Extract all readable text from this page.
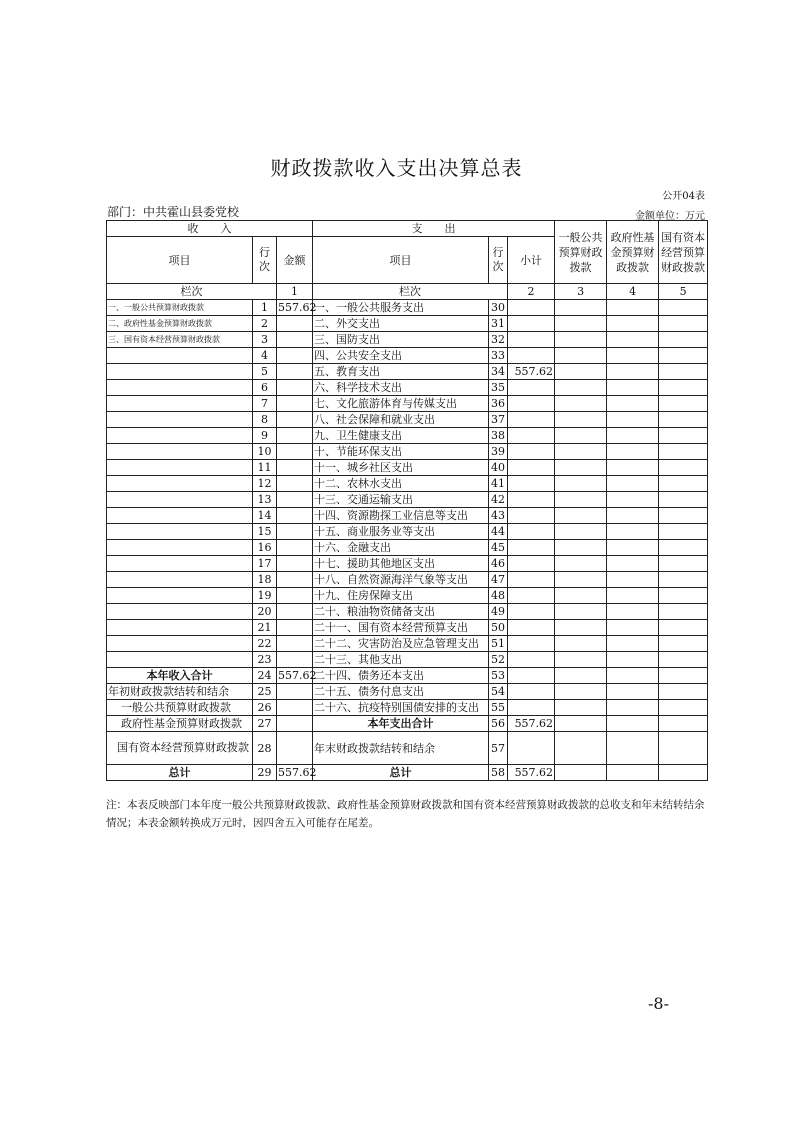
财政拨款收入支出决算总表
公开04表
部门：中共霍山县委党校	金额单位：万元
收　　入			支　　出			一般公共预算财政拨款	政府性基金预算财政拨款	国有资本经营预算财政拨款
项目	行次	金额	项目	行次	小计			
栏次		1	栏次		2	3	4	5
一、一般公共预算财政拨款	1	557.62	一、一般公共服务支出	30				
二、政府性基金预算财政拨款	2		二、外交支出	31				
三、国有资本经营预算财政拨款	3		三、国防支出	32				
	4		四、公共安全支出	33				
	5		五、教育支出	34	557.62			
	6		六、科学技术支出	35				
	7		七、文化旅游体育与传媒支出	36				
	8		八、社会保障和就业支出	37				
	9		九、卫生健康支出	38				
	10		十、节能环保支出	39				
	11		十一、城乡社区支出	40				
	12		十二、农林水支出	41				
	13		十三、交通运输支出	42				
	14		十四、资源勘探工业信息等支出	43				
	15		十五、商业服务业等支出	44				
	16		十六、金融支出	45				
	17		十七、援助其他地区支出	46				
	18		十八、自然资源海洋气象等支出	47				
	19		十九、住房保障支出	48				
	20		二十、粮油物资储备支出	49				
	21		二十一、国有资本经营预算支出	50				
	22		二十二、灾害防治及应急管理支出	51				
	23		二十三、其他支出	52				
本年收入合计	24	557.62	二十四、债务还本支出	53				
年初财政拨款结转和结余	25		二十五、债务付息支出	54				
一般公共预算财政拨款	26		二十六、抗疫特别国债安排的支出	55				
政府性基金预算财政拨款	27		本年支出合计	56	557.62			
国有资本经营预算财政拨款	28		年末财政拨款结转和结余	57				
总计	29	557.62	总计	58	557.62			
注：本表反映部门本年度一般公共预算财政拨款、政府性基金预算财政拨款和国有资本经营预算财政拨款的总收支和年末结转结余情况；本表金额转换成万元时，因四舍五入可能存在尾差。
-8-
